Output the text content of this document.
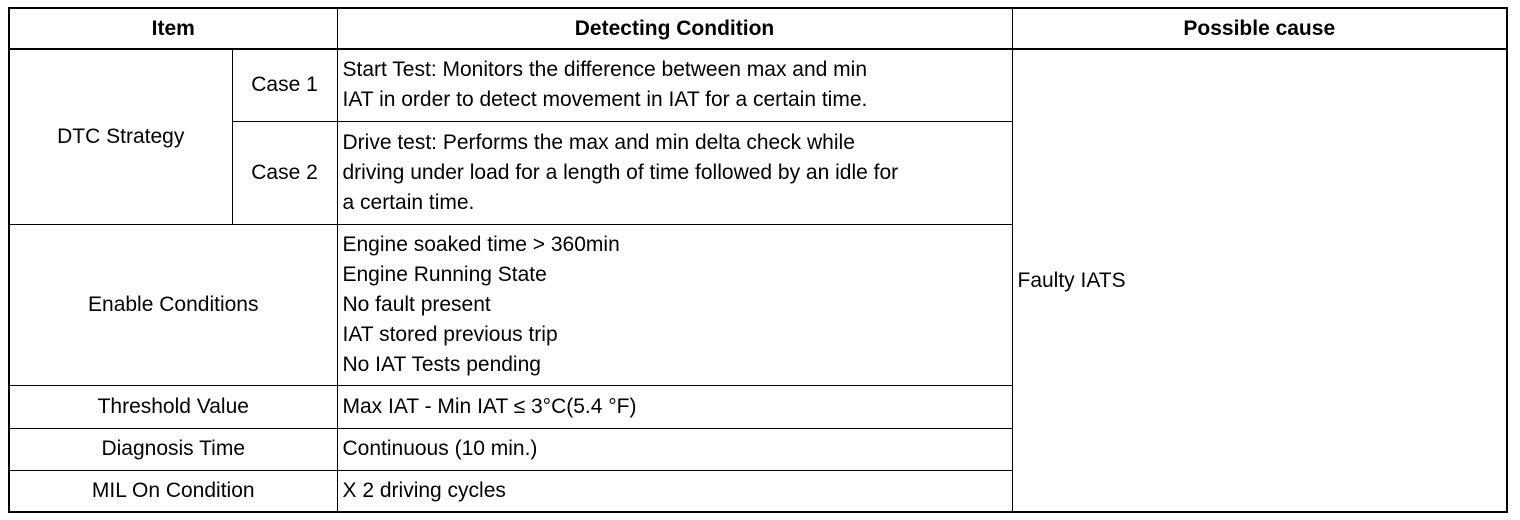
Item		Detecting Condition	Possible cause
DTC Strategy	Case 1	Start Test: Monitors the difference between max and min
IAT in order to detect movement in IAT for a certain time.	Faulty IATS
	Case 2	Drive test: Performs the max and min delta check while
driving under load for a length of time followed by an idle for
a certain time.	

Enable Conditions		Engine soaked time > 360min
Engine Running State
No fault present
IAT stored previous trip
No IAT Tests pending	

Threshold Value		Max IAT - Min IAT ≤ 3°C(5.4 °F)	
Diagnosis Time		Continuous (10 min.)	
MIL On Condition		X 2 driving cycles	
